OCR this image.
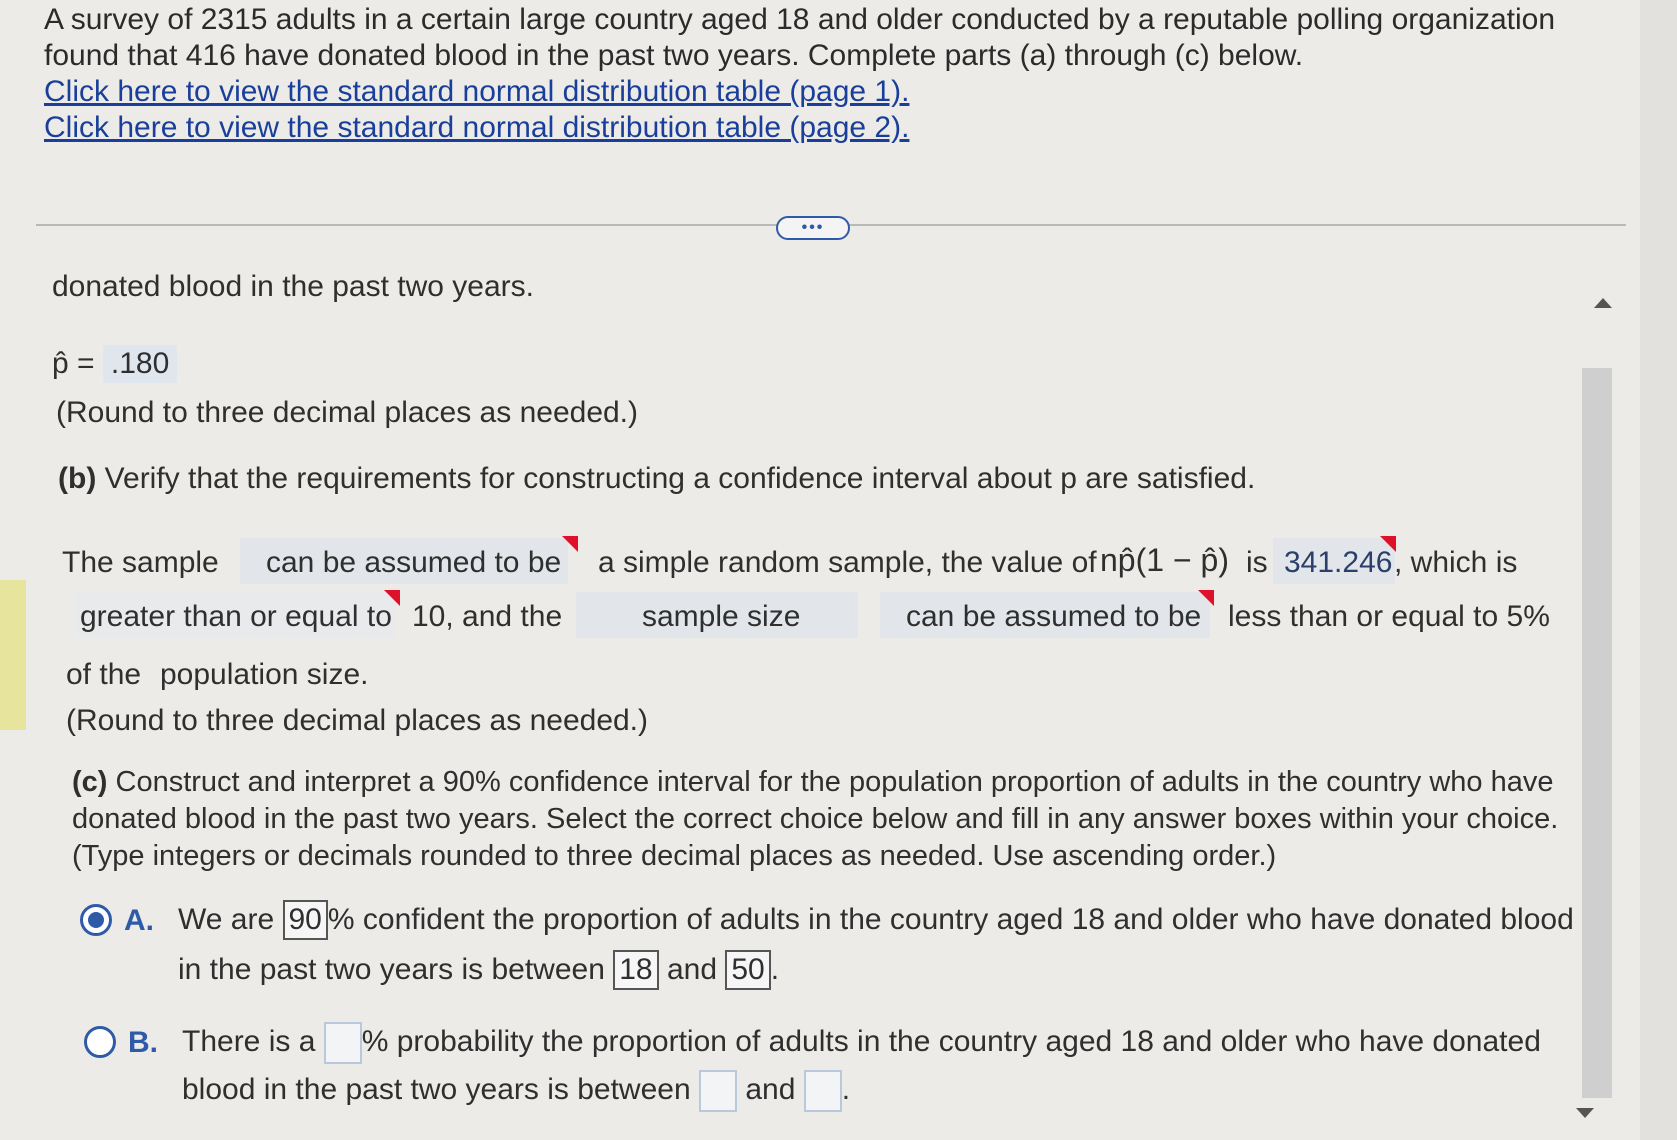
A survey of 2315 adults in a certain large country aged 18 and older conducted by a reputable polling organization
found that 416 have donated blood in the past two years. Complete parts (a) through (c) below.
Click here to view the standard normal distribution table (page 1).
Click here to view the standard normal distribution table (page 2).
•••
donated blood in the past two years.
p̂ = .180
(Round to three decimal places as needed.)
(b) Verify that the requirements for constructing a confidence interval about p are satisfied.
The sample can be assumed to be a simple random sample, the value of np̂(1 − p̂) is 341.246 , which is
greater than or equal to 10, and the	sample size	can be assumed to be less than or equal to 5%
of the population size.
(Round to three decimal places as needed.)
(c) Construct and interpret a 90% confidence interval for the population proportion of adults in the country who have
donated blood in the past two years. Select the correct choice below and fill in any answer boxes within your choice.
(Type integers or decimals rounded to three decimal places as needed. Use ascending order.)
A. We are 90 % confident the proportion of adults in the country aged 18 and older who have donated blood
in the past two years is between 18 and 50 .
B. There is a % probability the proportion of adults in the country aged 18 and older who have donated
blood in the past two years is between and .
